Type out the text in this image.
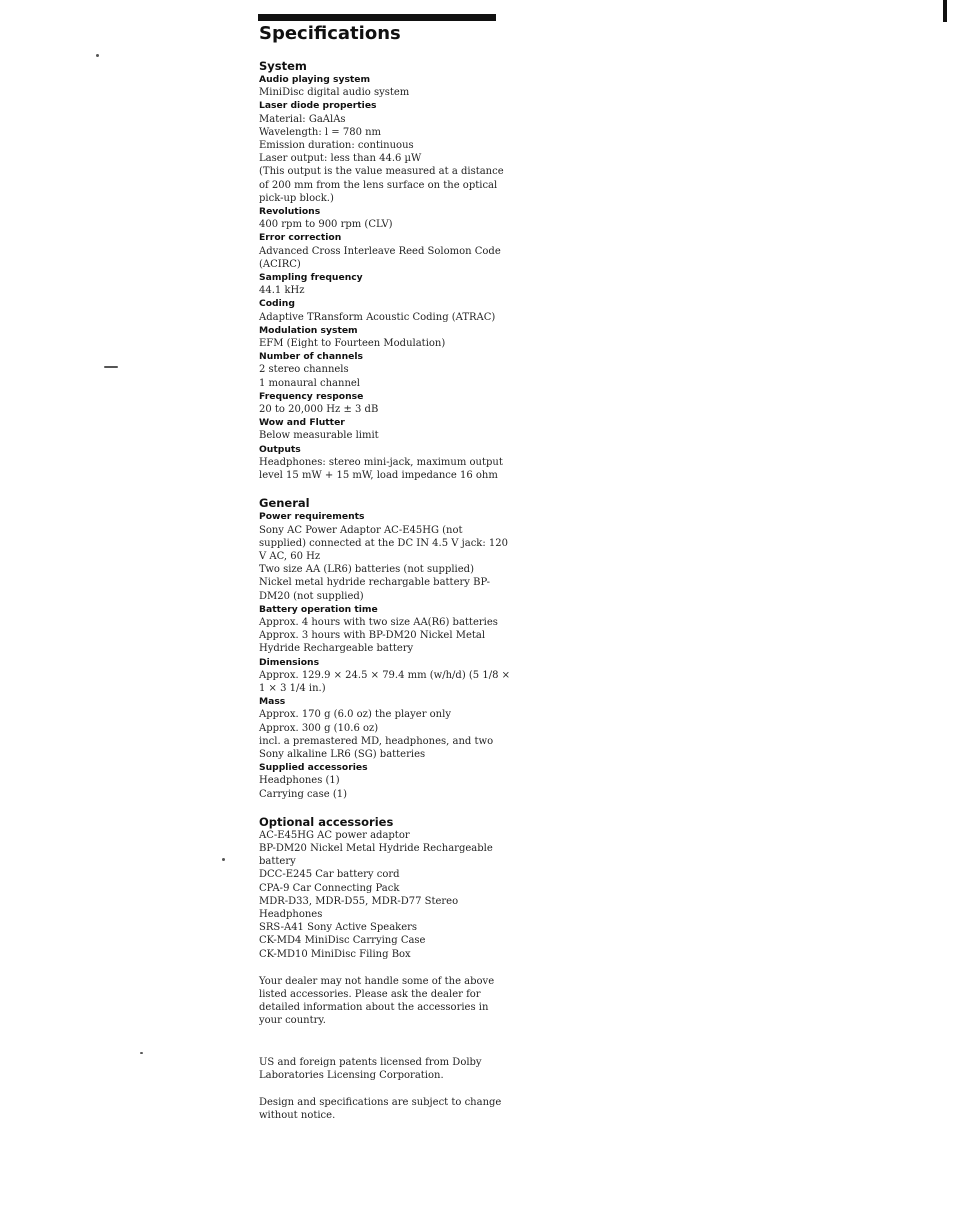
Specifications
System
Audio playing system
MiniDisc digital audio system
Laser diode properties
Material: GaAlAs
Wavelength: l = 780 nm
Emission duration: continuous
Laser output: less than 44.6 µW
(This output is the value measured at a distance
of 200 mm from the lens surface on the optical
pick-up block.)
Revolutions
400 rpm to 900 rpm (CLV)
Error correction
Advanced Cross Interleave Reed Solomon Code
(ACIRC)
Sampling frequency
44.1 kHz
Coding
Adaptive TRansform Acoustic Coding (ATRAC)
Modulation system
EFM (Eight to Fourteen Modulation)
Number of channels
2 stereo channels
1 monaural channel
Frequency response
20 to 20,000 Hz ± 3 dB
Wow and Flutter
Below measurable limit
Outputs
Headphones: stereo mini-jack, maximum output
level 15 mW + 15 mW, load impedance 16 ohm
General
Power requirements
Sony AC Power Adaptor AC-E45HG (not
supplied) connected at the DC IN 4.5 V jack: 120
V AC, 60 Hz
Two size AA (LR6) batteries (not supplied)
Nickel metal hydride rechargable battery BP-
DM20 (not supplied)
Battery operation time
Approx. 4 hours with two size AA(R6) batteries
Approx. 3 hours with BP-DM20 Nickel Metal
Hydride Rechargeable battery
Dimensions
Approx. 129.9 × 24.5 × 79.4 mm (w/h/d) (5 1/8 ×
1 × 3 1/4 in.)
Mass
Approx. 170 g (6.0 oz) the player only
Approx. 300 g (10.6 oz)
incl. a premastered MD, headphones, and two
Sony alkaline LR6 (SG) batteries
Supplied accessories
Headphones (1)
Carrying case (1)
Optional accessories
AC-E45HG AC power adaptor
BP-DM20 Nickel Metal Hydride Rechargeable
battery
DCC-E245 Car battery cord
CPA-9 Car Connecting Pack
MDR-D33, MDR-D55, MDR-D77 Stereo
Headphones
SRS-A41 Sony Active Speakers
CK-MD4 MiniDisc Carrying Case
CK-MD10 MiniDisc Filing Box
Your dealer may not handle some of the above
listed accessories. Please ask the dealer for
detailed information about the accessories in
your country.
US and foreign patents licensed from Dolby
Laboratories Licensing Corporation.
Design and specifications are subject to change
without notice.
